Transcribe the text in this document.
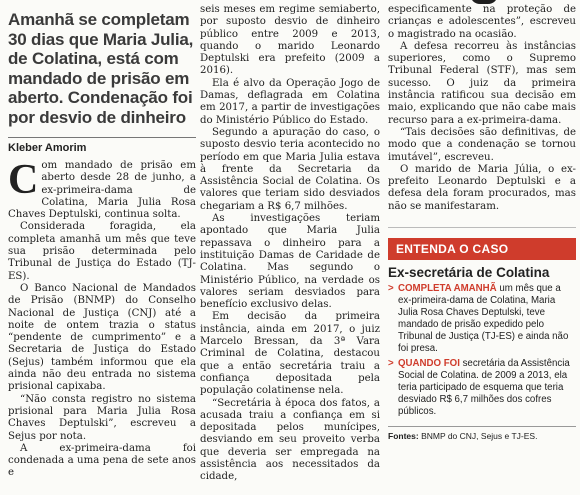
Amanhã se completam 30 dias que Maria Julia, de Colatina, está com mandado de prisão em aberto. Condenação foi por desvio de dinheiro
Kleber Amorim

Com mandado de prisão em aberto desde 28 de junho, a ex-primeira-dama de Colatina, Maria Julia Rosa Chaves Deptulski, continua solta.

Considerada foragida, ela completa amanhã um mês que teve sua prisão determinada pelo Tribunal de Justiça do Estado (TJ-ES).

O Banco Nacional de Mandados de Prisão (BNMP) do Conselho Nacional de Justiça (CNJ) até a noite de ontem trazia o status “pendente de cumprimento” e a Secretaria de Justiça do Estado (Sejus) também informou que ela ainda não deu entrada no sistema prisional capixaba.

“Não consta registro no sistema prisional para Maria Julia Rosa Chaves Deptulski”, escreveu a Sejus por nota.

A ex-primeira-dama foi condenada a uma pena de sete anos e

seis meses em regime semiaberto, por suposto desvio de dinheiro público entre 2009 e 2013, quando o marido Leonardo Deptulski era prefeito (2009 a 2016).

Ela é alvo da Operação Jogo de Damas, deflagrada em Colatina em 2017, a partir de investigações do Ministério Público do Estado.

Segundo a apuração do caso, o suposto desvio teria acontecido no período em que Maria Julia estava à frente da Secretaria da Assistência Social de Colatina. Os valores que teriam sido desviados chegariam a R$ 6,7 milhões.

As investigações teriam apontado que Maria Julia repassava o dinheiro para a instituição Damas de Caridade de Colatina. Mas segundo o Ministério Público, na verdade os valores seriam desviados para benefício exclusivo delas.

Em decisão da primeira instância, ainda em 2017, o juiz Marcelo Bressan, da 3ª Vara Criminal de Colatina, destacou que a então secretária traiu a confiança depositada pela população colatinense nela.

“Secretária à época dos fatos, a acusada traiu a confiança em si depositada pelos munícipes, desviando em seu proveito verba que deveria ser empregada na assistência aos necessitados da cidade,

especificamente na proteção de crianças e adolescentes”, escreveu o magistrado na ocasião.

A defesa recorreu às instâncias superiores, como o Supremo Tribunal Federal (STF), mas sem sucesso. O juiz da primeira instância ratificou sua decisão em maio, explicando que não cabe mais recurso para a ex-primeira-dama.

“Tais decisões são definitivas, de modo que a condenação se tornou imutável”, escreveu.

O marido de Maria Júlia, o ex-prefeito Leonardo Deptulski e a defesa dela foram procurados, mas não se manifestaram.

ENTENDA O CASO
Ex-secretária de Colatina
> COMPLETA AMANHÃ um mês que a ex-primeira-dama de Colatina, Maria Julia Rosa Chaves Deptulski, teve mandado de prisão expedido pelo Tribunal de Justiça (TJ-ES) e ainda não foi presa.
> QUANDO FOI secretária da Assistência Social de Colatina. de 2009 a 2013, ela teria participado de esquema que teria desviado R$ 6,7 milhões dos cofres públicos.
Fontes: BNMP do CNJ, Sejus e TJ-ES.
